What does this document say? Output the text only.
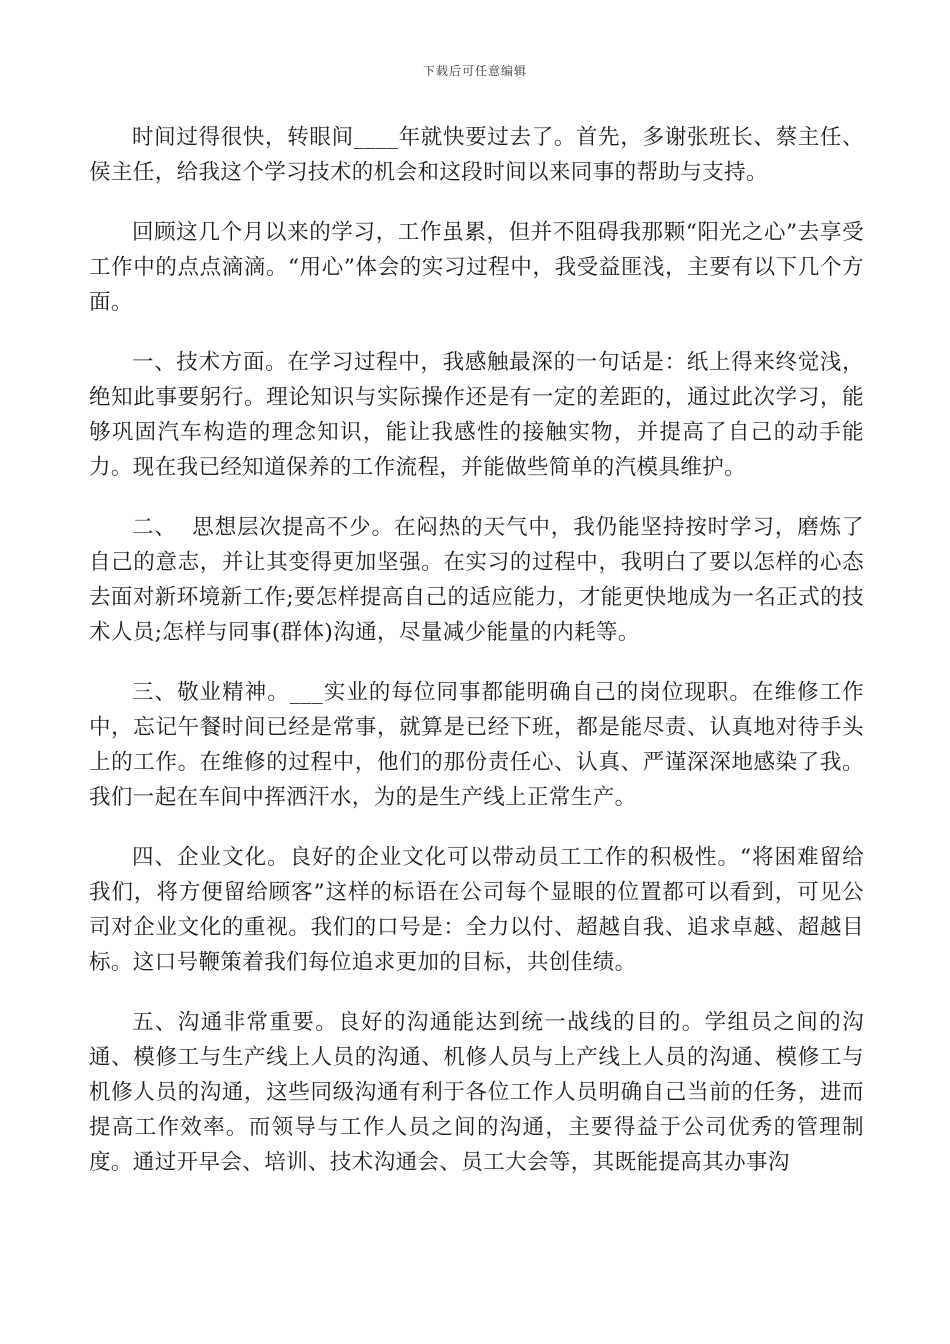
下载后可任意编辑

时间过得很快，转眼间____年就快要过去了。首先，多谢张班长、蔡主任、侯主任，给我这个学习技术的机会和这段时间以来同事的帮助与支持。

回顾这几个月以来的学习，工作虽累，但并不阻碍我那颗“阳光之心”去享受工作中的点点滴滴。“用心”体会的实习过程中，我受益匪浅，主要有以下几个方面。

一、技术方面。在学习过程中，我感触最深的一句话是：纸上得来终觉浅，绝知此事要躬行。理论知识与实际操作还是有一定的差距的，通过此次学习，能够巩固汽车构造的理念知识，能让我感性的接触实物，并提高了自己的动手能力。现在我已经知道保养的工作流程，并能做些简单的汽模具维护。

二、  思想层次提高不少。在闷热的天气中，我仍能坚持按时学习，磨炼了自己的意志，并让其变得更加坚强。在实习的过程中，我明白了要以怎样的心态去面对新环境新工作;要怎样提高自己的适应能力，才能更快地成为一名正式的技术人员;怎样与同事(群体)沟通，尽量减少能量的内耗等。

三、敬业精神。___实业的每位同事都能明确自己的岗位现职。在维修工作中，忘记午餐时间已经是常事，就算是已经下班，都是能尽责、认真地对待手头上的工作。在维修的过程中，他们的那份责任心、认真、严谨深深地感染了我。我们一起在车间中挥洒汗水，为的是生产线上正常生产。

四、企业文化。良好的企业文化可以带动员工工作的积极性。“将困难留给我们，将方便留给顾客”这样的标语在公司每个显眼的位置都可以看到，可见公司对企业文化的重视。我们的口号是：全力以付、超越自我、追求卓越、超越目标。这口号鞭策着我们每位追求更加的目标，共创佳绩。

五、沟通非常重要。良好的沟通能达到统一战线的目的。学组员之间的沟通、模修工与生产线上人员的沟通、机修人员与上产线上人员的沟通、模修工与机修人员的沟通，这些同级沟通有利于各位工作人员明确自己当前的任务，进而提高工作效率。而领导与工作人员之间的沟通，主要得益于公司优秀的管理制度。通过开早会、培训、技术沟通会、员工大会等，其既能提高其办事沟
